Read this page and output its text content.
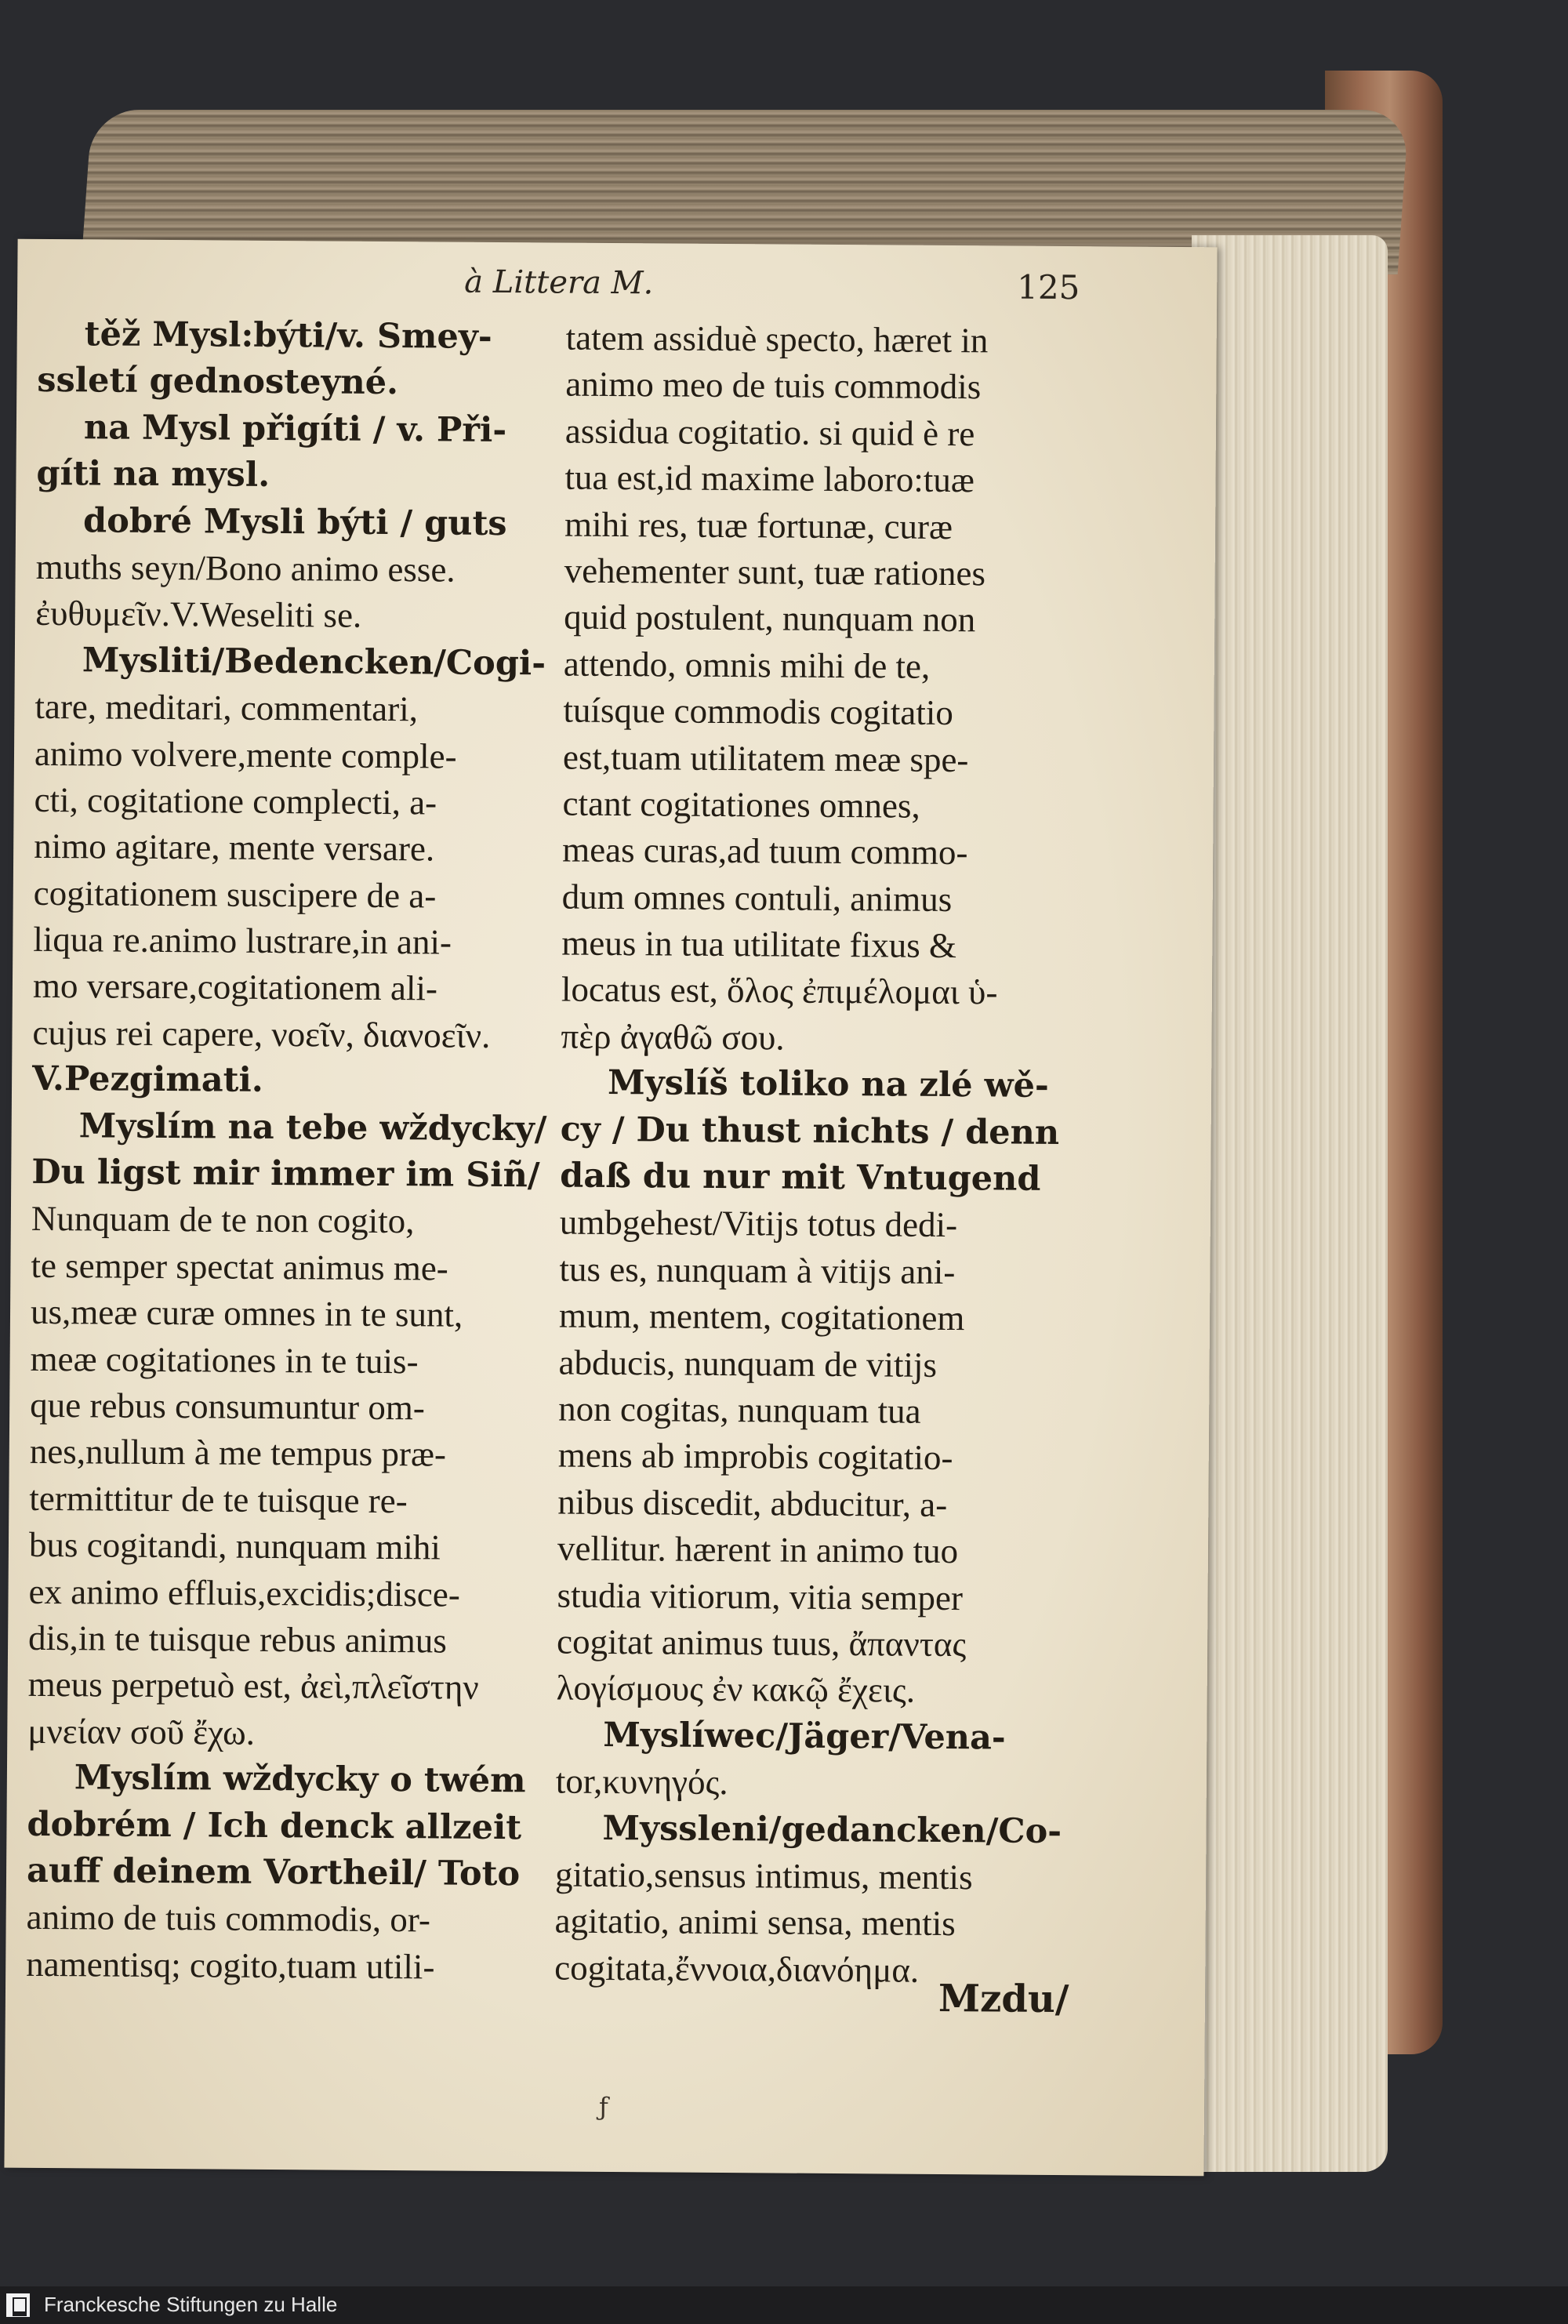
à Littera M.	125
těž Mysl:býti/v. Smey-
ssletí gednosteyné.
na Mysl přigíti / v. Při-
gíti na mysl.
dobré Mysli býti / guts
muths seyn/Bono animo esse.
ἐυθυμεῖν.V.Weseliti se.
Mysliti/Bedencken/Cogi-
tare, meditari, commentari,
animo volvere,mente comple-
cti, cogitatione complecti, a-
nimo agitare, mente versare.
cogitationem suscipere de a-
liqua re.animo lustrare,in ani-
mo versare,cogitationem ali-
cujus rei capere, νοεῖν, διανοεῖν.
V.Pezgimati.
Myslím na tebe wždycky/
Du ligst mir immer im Siñ/
Nunquam de te non cogito,
te semper spectat animus me-
us,meæ curæ omnes in te sunt,
meæ cogitationes in te tuis-
que rebus consumuntur om-
nes,nullum à me tempus præ-
termittitur de te tuisque re-
bus cogitandi, nunquam mihi
ex animo effluis,excidis;disce-
dis,in te tuisque rebus animus
meus perpetuò est, ἀεὶ,πλεῖστην
μνείαν σοῦ ἔχω.
Myslím wždycky o twém
dobrém / Ich denck allzeit
auff deinem Vortheil/ Toto
animo de tuis commodis, or-
namentisq; cogito,tuam utili-
tatem assiduè specto, hæret in
animo meo de tuis commodis
assidua cogitatio. si quid è re
tua est,id maxime laboro:tuæ
mihi res, tuæ fortunæ, curæ
vehementer sunt, tuæ rationes
quid postulent, nunquam non
attendo, omnis mihi de te,
tuísque commodis cogitatio
est,tuam utilitatem meæ spe-
ctant cogitationes omnes,
meas curas,ad tuum commo-
dum omnes contuli, animus
meus in tua utilitate fixus &
locatus est, ὅλος ἐπιμέλομαι ὑ-
πὲρ ἀγαθῶ σου.
Myslíš toliko na zlé wě-
cy / Du thust nichts / denn
daß du nur mit Vntugend
umbgehest/Vitijs totus dedi-
tus es, nunquam à vitijs ani-
mum, mentem, cogitationem
abducis, nunquam de vitijs
non cogitas, nunquam tua
mens ab improbis cogitatio-
nibus discedit, abducitur, a-
vellitur. hærent in animo tuo
studia vitiorum, vitia semper
cogitat animus tuus, ἄπαντας
λογίσμους ἐν κακῷ ἔχεις.
Myslíwec/Jäger/Vena-
tor,κυνηγός.
Myssleni/gedancken/Co-
gitatio,sensus intimus, mentis
agitatio, animi sensa, mentis
cogitata,ἔννοια,διανόημα.
Mzdu/
ƒ
Franckesche Stiftungen zu Halle
